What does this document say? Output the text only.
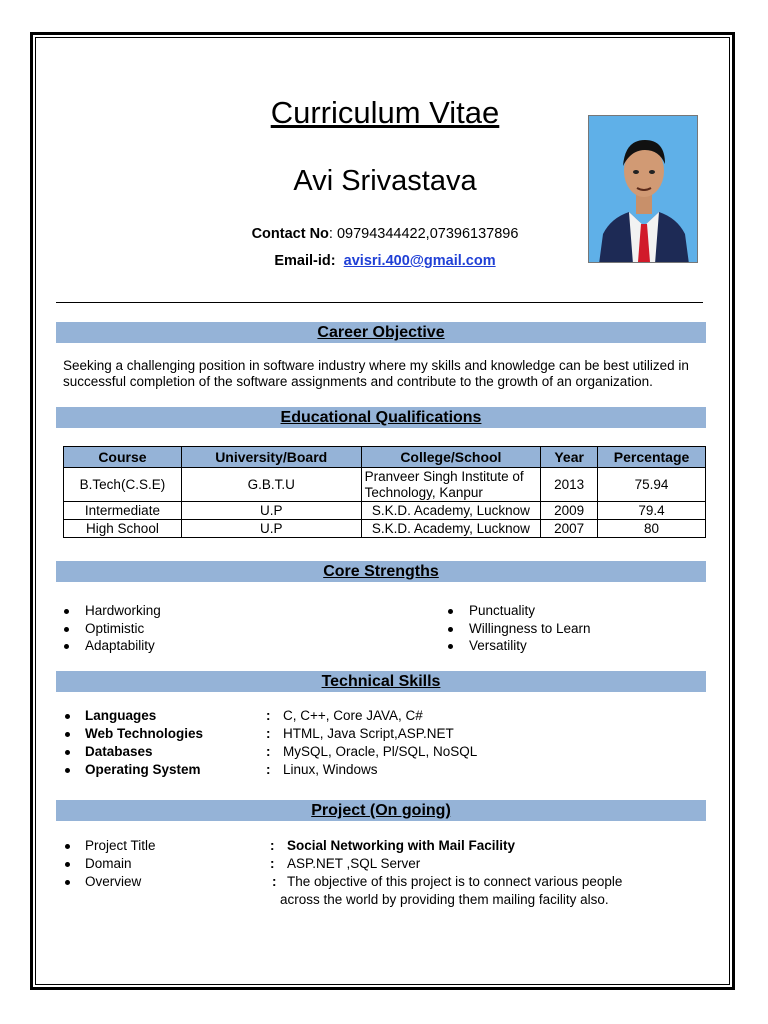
Curriculum Vitae
Avi Srivastava
Contact No: 09794344422,07396137896
Email-id: avisri.400@gmail.com
Career Objective
Seeking a challenging position in software industry where my skills and knowledge can be best utilized in successful completion of the software assignments and contribute to the growth of an organization.
Educational Qualifications
Course	University/Board	College/School	Year	Percentage
B.Tech(C.S.E)	G.B.T.U	Pranveer Singh Institute of Technology, Kanpur	2013	75.94
Intermediate	U.P	S.K.D. Academy, Lucknow	2009	79.4
High School	U.P	S.K.D. Academy, Lucknow	2007	80
Core Strengths
Hardworking
Optimistic
Adaptability
Punctuality
Willingness to Learn
Versatility
Technical Skills
Languages	: C, C++, Core JAVA, C#
Web Technologies	: HTML, Java Script,ASP.NET
Databases	: MySQL, Oracle, Pl/SQL, NoSQL
Operating System	: Linux, Windows
Project (On going)
Project Title	: Social Networking with Mail Facility
Domain	: ASP.NET ,SQL Server
Overview	: The objective of this project is to connect various people
across the world by providing them mailing facility also.
